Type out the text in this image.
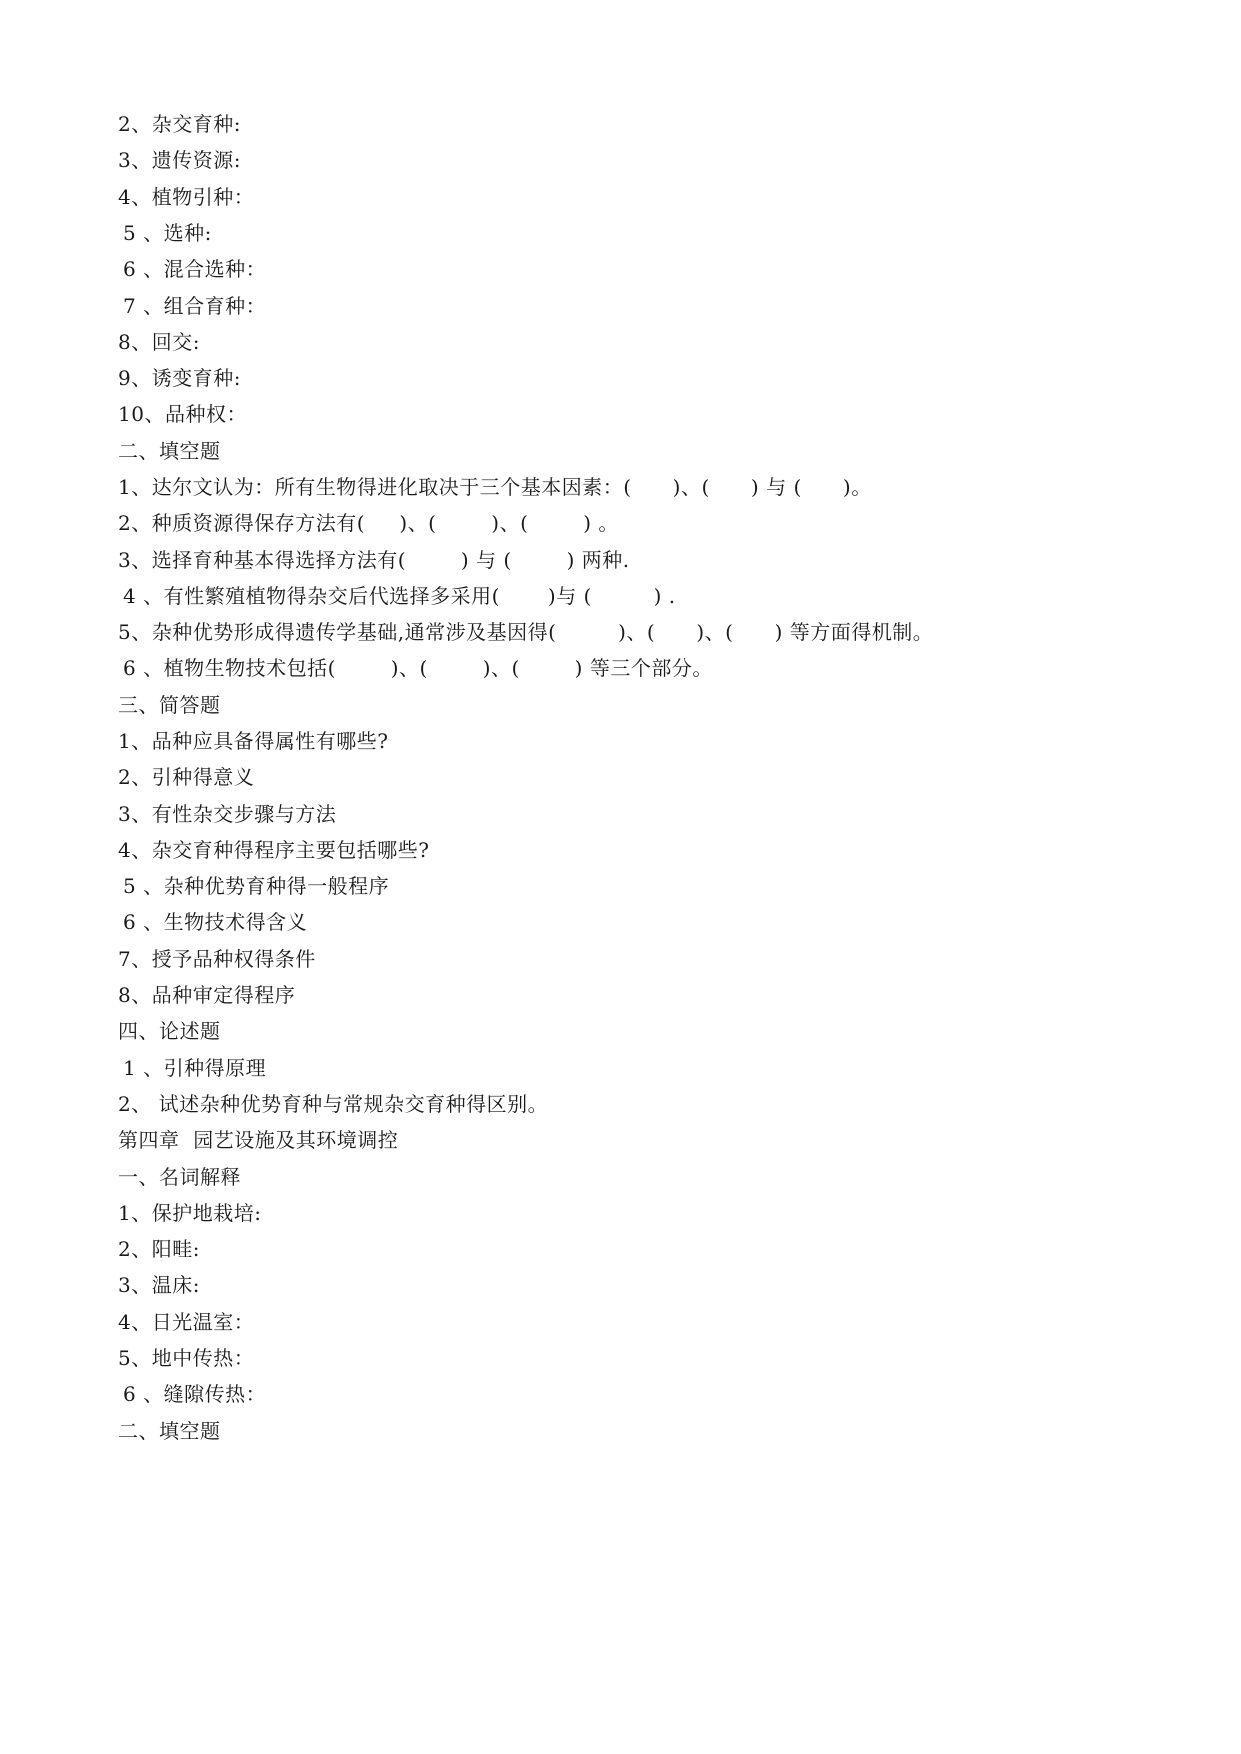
2、杂交育种:
3、遗传资源:
4、植物引种：
5 、选种:
6 、混合选种：
7 、组合育种：
8、回交:
9、诱变育种:
10、品种权：
二、填空题
1、达尔文认为：所有生物得进化取决于三个基本因素：(      )、(      ) 与 (      )。
2、种质资源得保存方法有(     )、(        )、(        ) 。
3、选择育种基本得选择方法有(        ) 与 (        ) 两种.
4 、有性繁殖植物得杂交后代选择多采用(       )与 (         ) .
5、杂种优势形成得遗传学基础,通常涉及基因得(         )、(      )、(      ) 等方面得机制。
6 、植物生物技术包括(        )、(        )、(        ) 等三个部分。
三、简答题
1、品种应具备得属性有哪些?
2、引种得意义
3、有性杂交步骤与方法
4、杂交育种得程序主要包括哪些?
5 、杂种优势育种得一般程序
6 、生物技术得含义
7、授予品种权得条件
8、品种审定得程序
四、论述题
1 、引种得原理
2、 试述杂种优势育种与常规杂交育种得区别。
第四章  园艺设施及其环境调控
一、名词解释
1、保护地栽培:
2、阳畦:
3、温床:
4、日光温室：
5、地中传热：
6 、缝隙传热：
二、填空题
